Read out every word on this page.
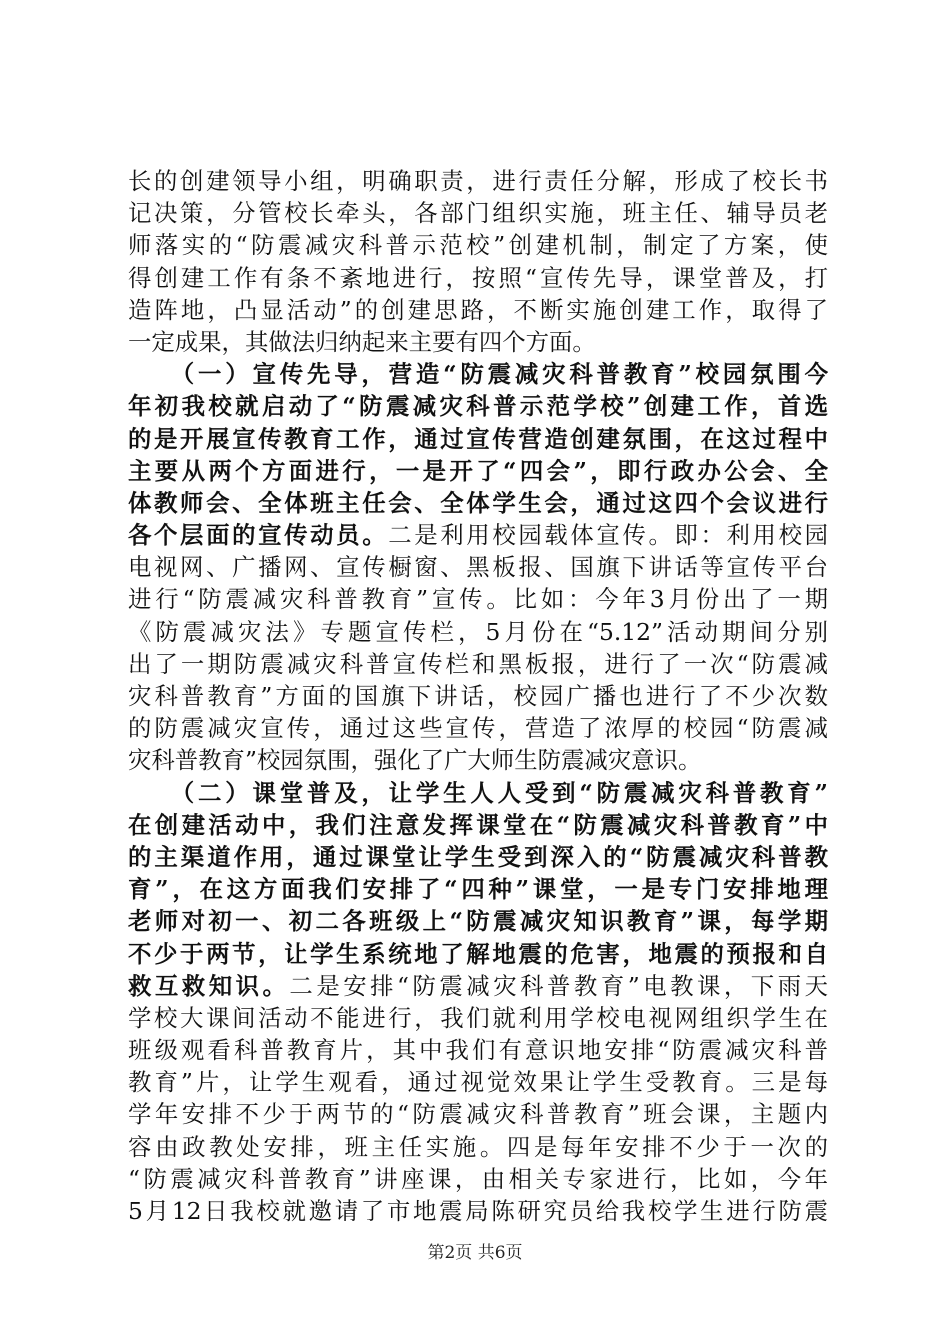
长的创建领导小组，明确职责，进行责任分解，形成了校长书
记决策，分管校长牵头，各部门组织实施，班主任、辅导员老
师落实的“防震减灾科普示范校”创建机制，制定了方案，使
得创建工作有条不紊地进行，按照“宣传先导，课堂普及，打
造阵地，凸显活动”的创建思路，不断实施创建工作，取得了
一定成果，其做法归纳起来主要有四个方面。
　　（一）宣传先导，营造“防震减灾科普教育”校园氛围今
年初我校就启动了“防震减灾科普示范学校”创建工作，首选
的是开展宣传教育工作，通过宣传营造创建氛围，在这过程中
主要从两个方面进行，一是开了“四会”，即行政办公会、全
体教师会、全体班主任会、全体学生会，通过这四个会议进行
各个层面的宣传动员。二是利用校园载体宣传。即：利用校园
电视网、广播网、宣传橱窗、黑板报、国旗下讲话等宣传平台
进行“防震减灾科普教育”宣传。比如：今年3月份出了一期
《防震减灾法》专题宣传栏，5月份在“5.12”活动期间分别
出了一期防震减灾科普宣传栏和黑板报，进行了一次“防震减
灾科普教育”方面的国旗下讲话，校园广播也进行了不少次数
的防震减灾宣传，通过这些宣传，营造了浓厚的校园“防震减
灾科普教育”校园氛围，强化了广大师生防震减灾意识。
　　（二）课堂普及，让学生人人受到“防震减灾科普教育”
在创建活动中，我们注意发挥课堂在“防震减灾科普教育”中
的主渠道作用，通过课堂让学生受到深入的“防震减灾科普教
育”，在这方面我们安排了“四种”课堂，一是专门安排地理
老师对初一、初二各班级上“防震减灾知识教育”课，每学期
不少于两节，让学生系统地了解地震的危害，地震的预报和自
救互救知识。二是安排“防震减灾科普教育”电教课，下雨天
学校大课间活动不能进行，我们就利用学校电视网组织学生在
班级观看科普教育片，其中我们有意识地安排“防震减灾科普
教育”片，让学生观看，通过视觉效果让学生受教育。三是每
学年安排不少于两节的“防震减灾科普教育”班会课，主题内
容由政教处安排，班主任实施。四是每年安排不少于一次的
“防震减灾科普教育”讲座课，由相关专家进行，比如，今年
5月12日我校就邀请了市地震局陈研究员给我校学生进行防震
第2页 共6页
